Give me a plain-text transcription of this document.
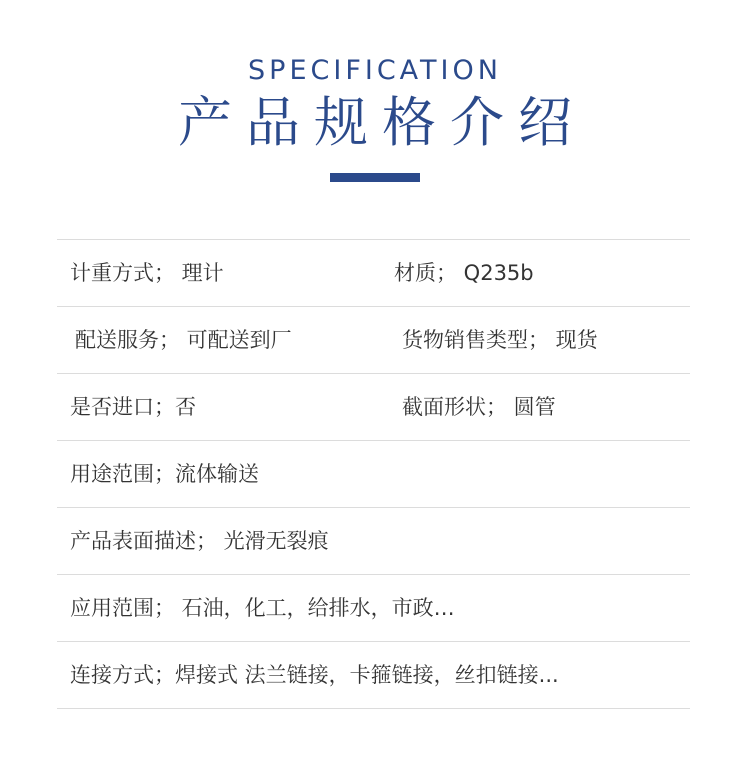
SPECIFICATION
产品规格介绍
计重方式； 理计	材质； Q235b
配送服务； 可配送到厂	货物销售类型； 现货
是否进口；否	截面形状； 圆管
用途范围；流体输送
产品表面描述； 光滑无裂痕
应用范围； 石油，化工，给排水，市政…
连接方式；焊接式 法兰链接，卡箍链接，丝扣链接...
